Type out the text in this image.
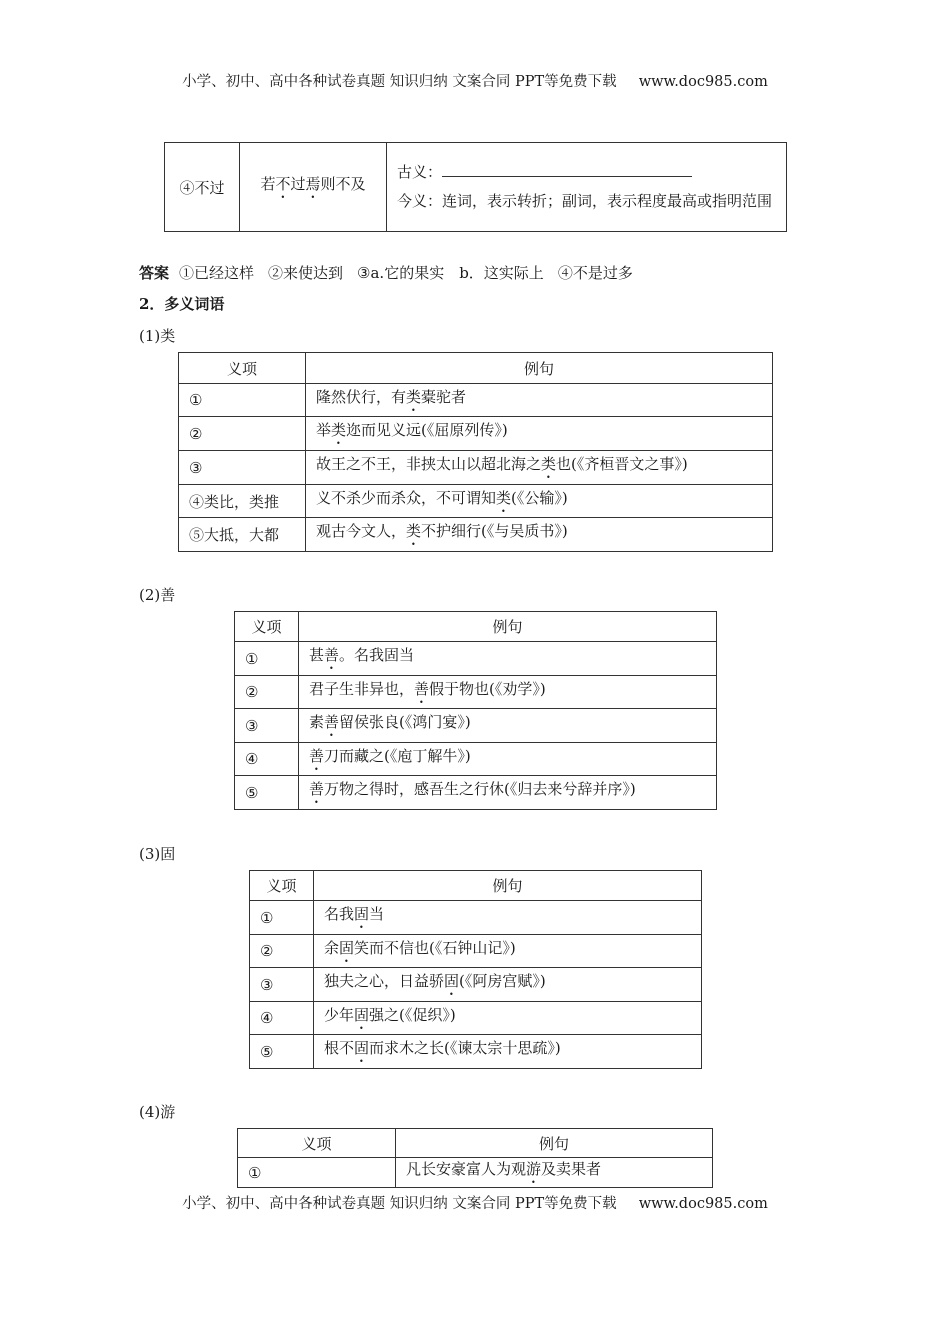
小学、初中、高中各种试卷真题 知识归纳 文案合同 PPT等免费下载 www.doc985.com
④不过	若不过焉则不及	
古义：
今义：连词，表示转折；副词，表示程度最高或指明范围
答案 ①已经这样 ②来使达到 ③a.它的果实　b．这实际上 ④不是过多
2．多义词语
(1)类
义项	例句
①	隆然伏行，有类橐驼者
②	举类迩而见义远(《屈原列传》)
③	故王之不王，非挟太山以超北海之类也(《齐桓晋文之事》)
④类比，类推	义不杀少而杀众，不可谓知类(《公输》)
⑤大抵，大都	观古今文人，类不护细行(《与吴质书》)
(2)善
义项	例句
①	甚善。名我固当
②	君子生非异也，善假于物也(《劝学》)
③	素善留侯张良(《鸿门宴》)
④	善刀而藏之(《庖丁解牛》)
⑤	善万物之得时，感吾生之行休(《归去来兮辞并序》)
(3)固
义项	例句
①	名我固当
②	余固笑而不信也(《石钟山记》)
③	独夫之心，日益骄固(《阿房宫赋》)
④	少年固强之(《促织》)
⑤	根不固而求木之长(《谏太宗十思疏》)
(4)游
义项	例句
①	凡长安豪富人为观游及卖果者
小学、初中、高中各种试卷真题 知识归纳 文案合同 PPT等免费下载 www.doc985.com
